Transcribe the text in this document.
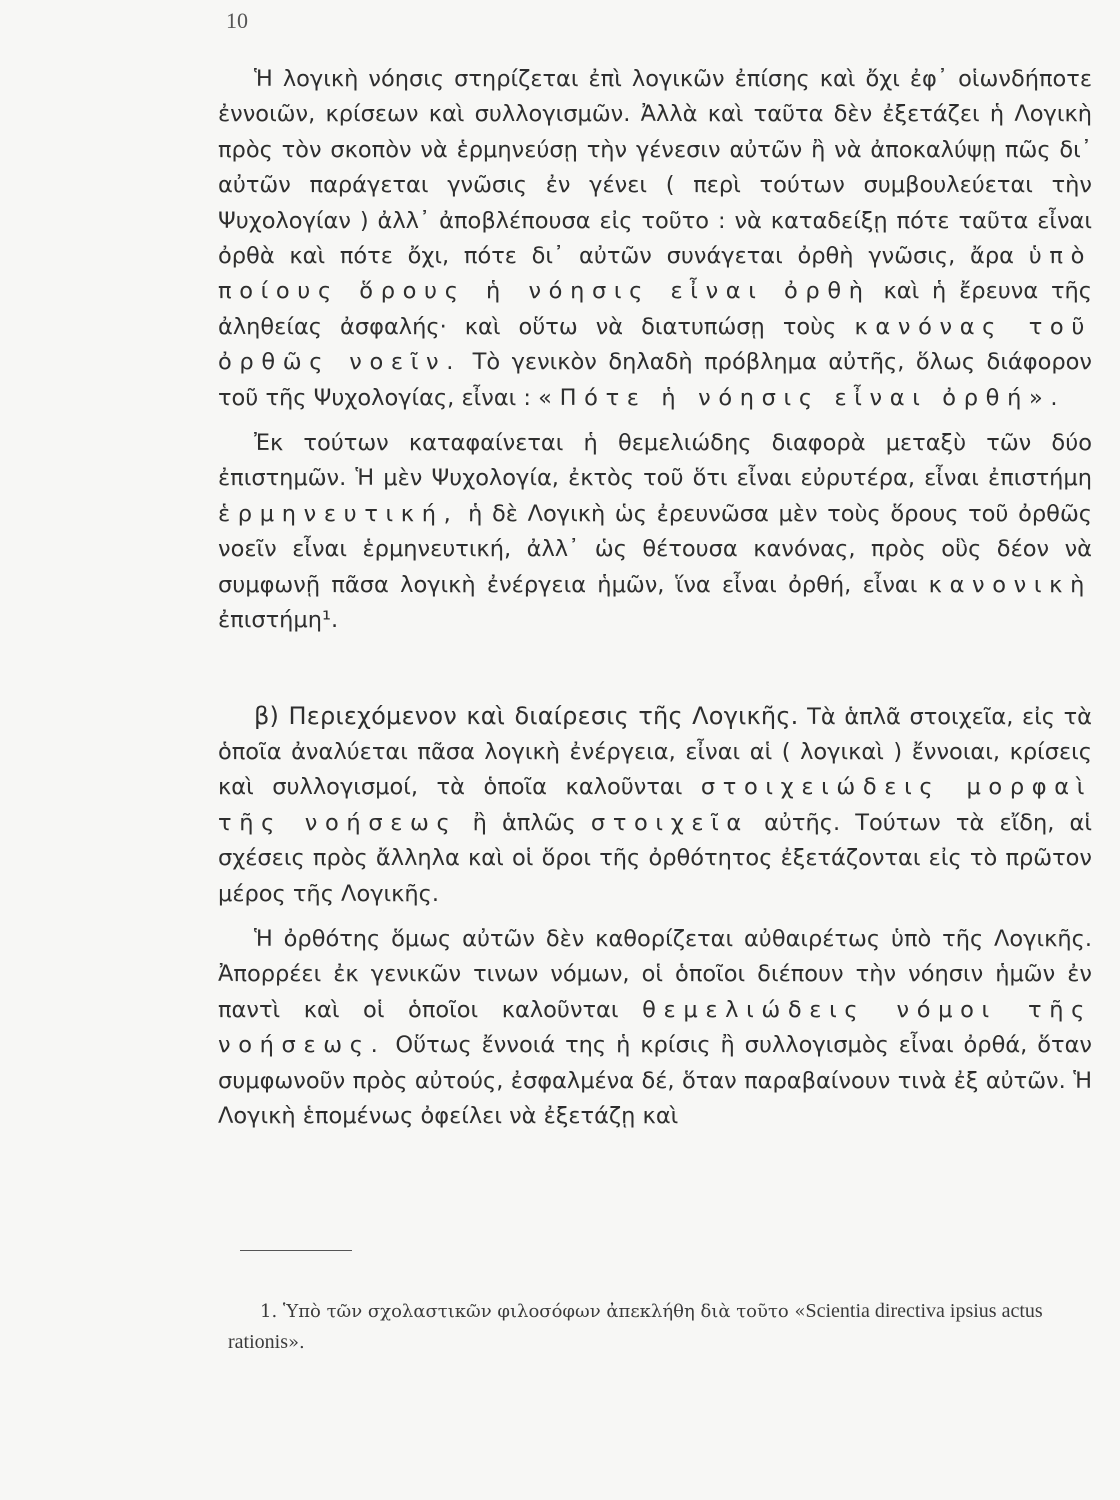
10

Ἡ λογικὴ νόησις στηρίζεται ἐπὶ λογικῶν ἐπίσης καὶ ὄχι ἐφ᾽ οἱωνδήποτε ἐννοιῶν, κρίσεων καὶ συλλογισμῶν. Ἀλλὰ καὶ ταῦτα δὲν ἐξετάζει ἡ Λογικὴ πρὸς τὸν σκοπὸν νὰ ἑρμηνεύσῃ τὴν γένεσιν αὐτῶν ἢ νὰ ἀποκαλύψῃ πῶς δι᾽ αὐτῶν παράγεται γνῶσις ἐν γένει ( περὶ τούτων συμβουλεύεται τὴν Ψυχολογίαν ) ἀλλ᾽ ἀποβλέπουσα εἰς τοῦτο : νὰ καταδείξῃ πότε ταῦτα εἶναι ὀρθὰ καὶ πότε ὄχι, πότε δι᾽ αὐτῶν συνάγεται ὀρθὴ γνῶσις, ἄρα ὑπὸ ποίους ὅρους ἡ νόησις εἶναι ὀρθὴ καὶ ἡ ἔρευνα τῆς ἀληθείας ἀσφαλής· καὶ οὕτω νὰ διατυπώσῃ τοὺς κανόνας τοῦ ὀρθῶς νοεῖν. Τὸ γενικὸν δηλαδὴ πρόβλημα αὐτῆς, ὅλως διάφορον τοῦ τῆς Ψυχολογίας, εἶναι : «Πότε ἡ νόησις εἶναι ὀρθή».

Ἐκ τούτων καταφαίνεται ἡ θεμελιώδης διαφορὰ μεταξὺ τῶν δύο ἐπιστημῶν. Ἡ μὲν Ψυχολογία, ἐκτὸς τοῦ ὅτι εἶναι εὐρυτέρα, εἶναι ἐπιστήμη ἑρμηνευτική, ἡ δὲ Λογικὴ ὡς ἐρευνῶσα μὲν τοὺς ὅρους τοῦ ὀρθῶς νοεῖν εἶναι ἑρμηνευτική, ἀλλ᾽ ὡς θέτουσα κανόνας, πρὸς οὓς δέον νὰ συμφωνῇ πᾶσα λογικὴ ἐνέργεια ἡμῶν, ἵνα εἶναι ὀρθή, εἶναι κανονικὴ ἐπιστήμη¹.

β) Περιεχόμενον καὶ διαίρεσις τῆς Λογικῆς. Τὰ ἁπλᾶ στοιχεῖα, εἰς τὰ ὁποῖα ἀναλύεται πᾶσα λογικὴ ἐνέργεια, εἶναι αἱ ( λογικαὶ ) ἔννοιαι, κρίσεις καὶ συλλογισμοί, τὰ ὁποῖα καλοῦνται στοιχειώδεις μορφαὶ τῆς νοήσεως ἢ ἁπλῶς στοιχεῖα αὐτῆς. Τούτων τὰ εἴδη, αἱ σχέσεις πρὸς ἄλληλα καὶ οἱ ὅροι τῆς ὀρθότητος ἐξετάζονται εἰς τὸ πρῶτον μέρος τῆς Λογικῆς.

Ἡ ὀρθότης ὅμως αὐτῶν δὲν καθορίζεται αὐθαιρέτως ὑπὸ τῆς Λογικῆς. Ἀπορρέει ἐκ γενικῶν τινων νόμων, οἱ ὁποῖοι διέπουν τὴν νόησιν ἡμῶν ἐν παντὶ καὶ οἱ ὁποῖοι καλοῦνται θεμελιώδεις νόμοι τῆς νοήσεως. Οὕτως ἔννοιά της ἡ κρίσις ἢ συλλογισμὸς εἶναι ὀρθά, ὅταν συμφωνοῦν πρὸς αὐτούς, ἐσφαλμένα δέ, ὅταν παραβαίνουν τινὰ ἐξ αὐτῶν. Ἡ Λογικὴ ἑπομένως ὀφείλει νὰ ἐξετάζῃ καὶ

1. Ὑπὸ τῶν σχολαστικῶν φιλοσόφων ἀπεκλήθη διὰ τοῦτο «Scientia directiva ipsius actus rationis».
